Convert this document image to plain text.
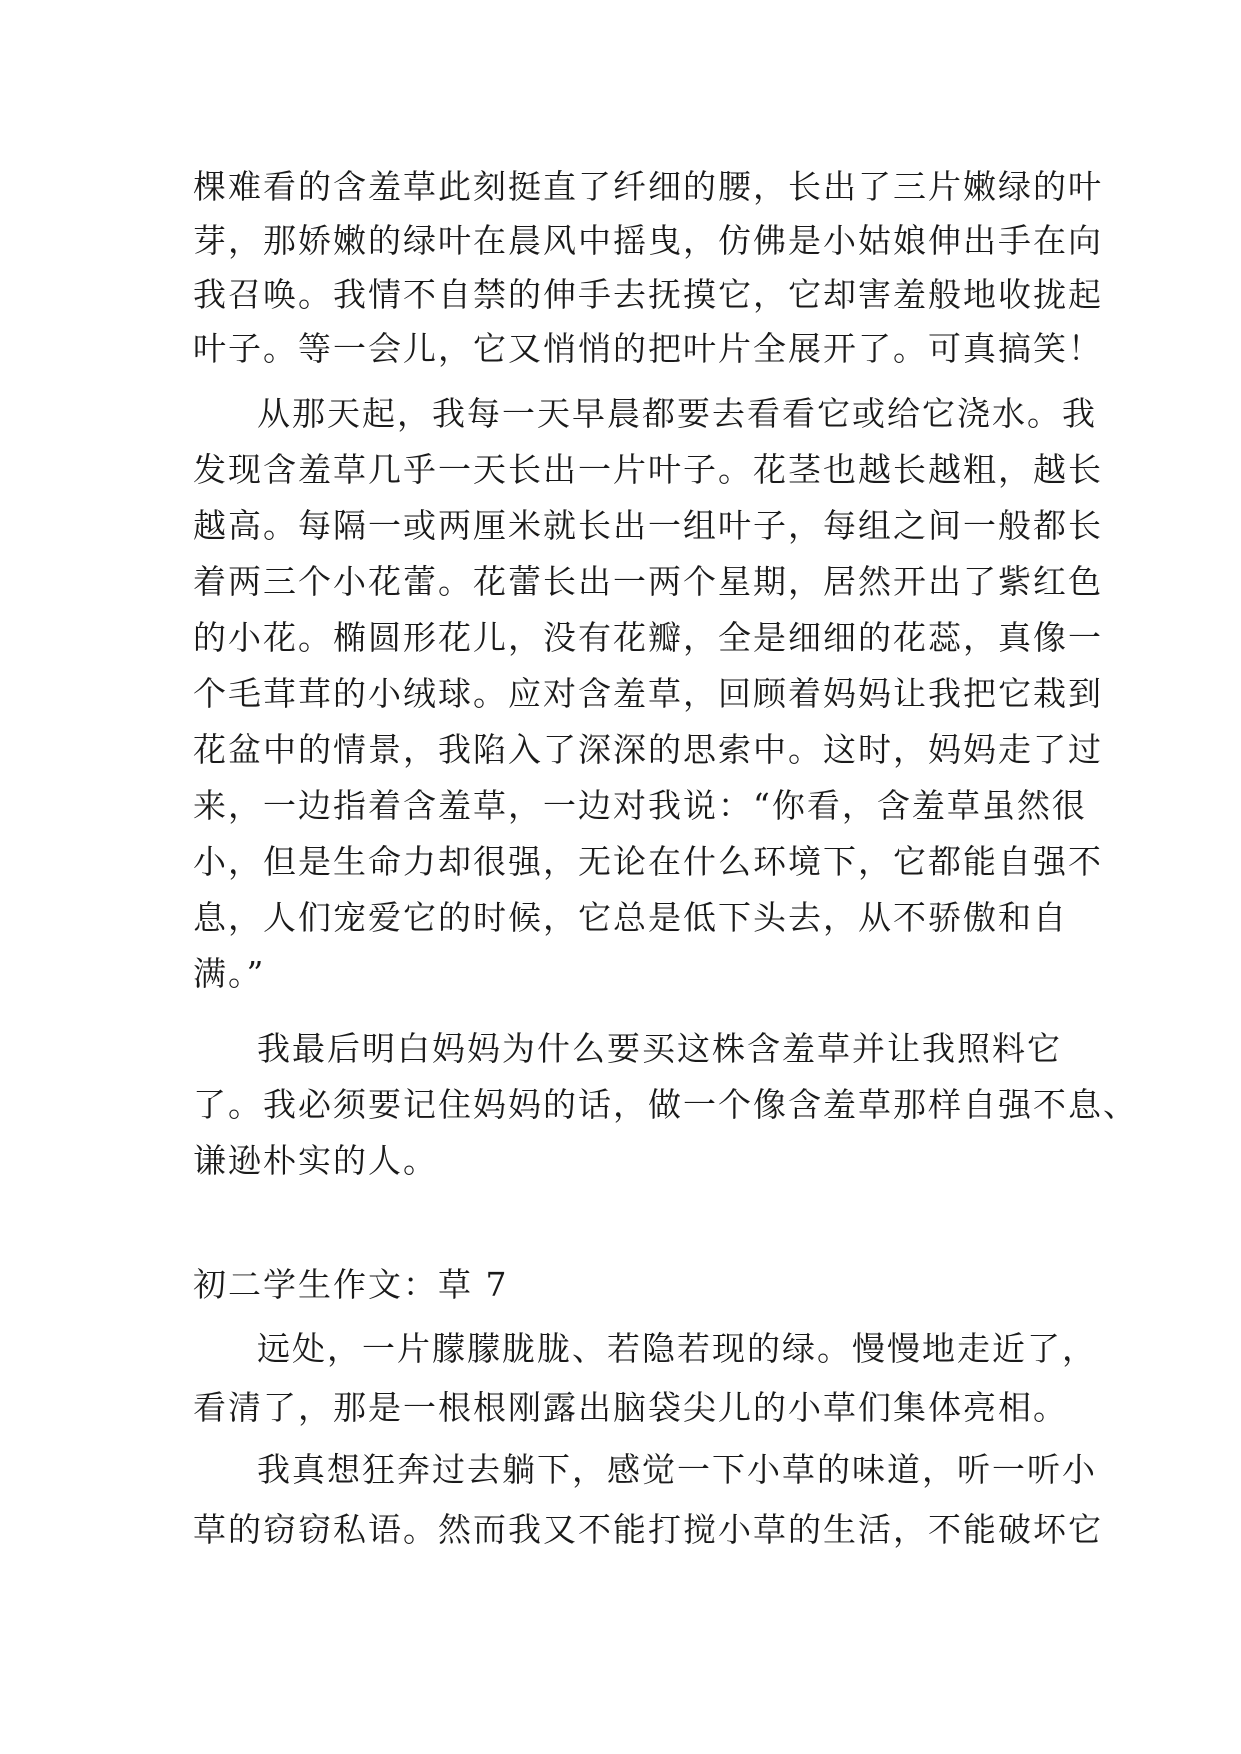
棵难看的含羞草此刻挺直了纤细的腰，长出了三片嫩绿的叶
芽，那娇嫩的绿叶在晨风中摇曳，仿佛是小姑娘伸出手在向
我召唤。我情不自禁的伸手去抚摸它，它却害羞般地收拢起
叶子。等一会儿，它又悄悄的把叶片全展开了。可真搞笑！
从那天起，我每一天早晨都要去看看它或给它浇水。我
发现含羞草几乎一天长出一片叶子。花茎也越长越粗，越长
越高。每隔一或两厘米就长出一组叶子，每组之间一般都长
着两三个小花蕾。花蕾长出一两个星期，居然开出了紫红色
的小花。椭圆形花儿，没有花瓣，全是细细的花蕊，真像一
个毛茸茸的小绒球。应对含羞草，回顾着妈妈让我把它栽到
花盆中的情景，我陷入了深深的思索中。这时，妈妈走了过
来，一边指着含羞草，一边对我说：“你看，含羞草虽然很
小，但是生命力却很强，无论在什么环境下，它都能自强不
息，人们宠爱它的时候，它总是低下头去，从不骄傲和自
满。”
我最后明白妈妈为什么要买这株含羞草并让我照料它
了。我必须要记住妈妈的话，做一个像含羞草那样自强不息、
谦逊朴实的人。
初二学生作文：草 7
远处，一片朦朦胧胧、若隐若现的绿。慢慢地走近了，
看清了，那是一根根刚露出脑袋尖儿的小草们集体亮相。
我真想狂奔过去躺下，感觉一下小草的味道，听一听小
草的窃窃私语。然而我又不能打搅小草的生活，不能破坏它
